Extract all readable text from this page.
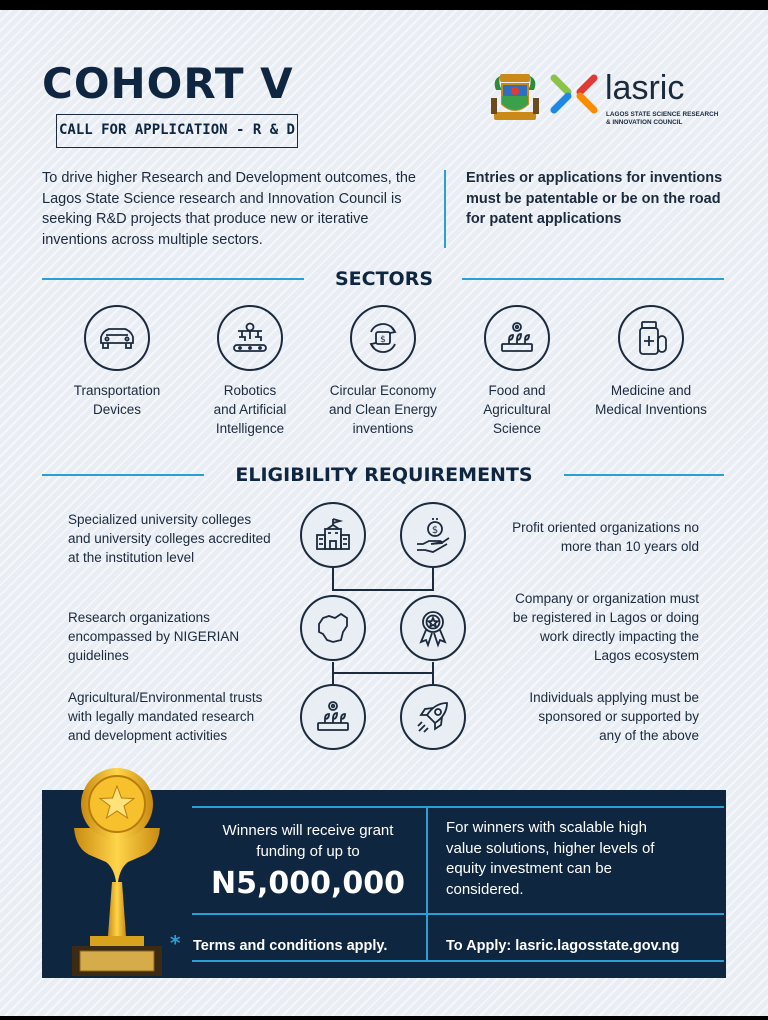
COHORT V
CALL FOR APPLICATION - R & D
lasric
LAGOS STATE SCIENCE RESEARCH
& INNOVATION COUNCIL
To drive higher Research and Development outcomes, the Lagos State Science research and Innovation Council is seeking R&D projects that produce new or iterative inventions across multiple sectors.
Entries or applications for inventions must be patentable or be on the road for patent applications
SECTORS
Transportation
Devices
Robotics
and Artificial
Intelligence
$
Circular Economy
and Clean Energy
inventions
Food and
Agricultural
Science
Medicine and
Medical Inventions
ELIGIBILITY REQUIREMENTS
Specialized university colleges
and university colleges accredited
at the institution level
Research organizations
encompassed by NIGERIAN
guidelines
Agricultural/Environmental trusts
with legally mandated research
and development activities
Profit oriented organizations no
more than 10 years old
Company or organization must
be registered in Lagos or doing
work directly impacting the
Lagos ecosystem
Individuals applying must be
sponsored or supported by
any of the above
$
Winners will receive grant
funding of up to
N5,000,000
For winners with scalable high
value solutions, higher levels of
equity investment can be
considered.
* Terms and conditions apply.	To Apply: lasric.lagosstate.gov.ng
